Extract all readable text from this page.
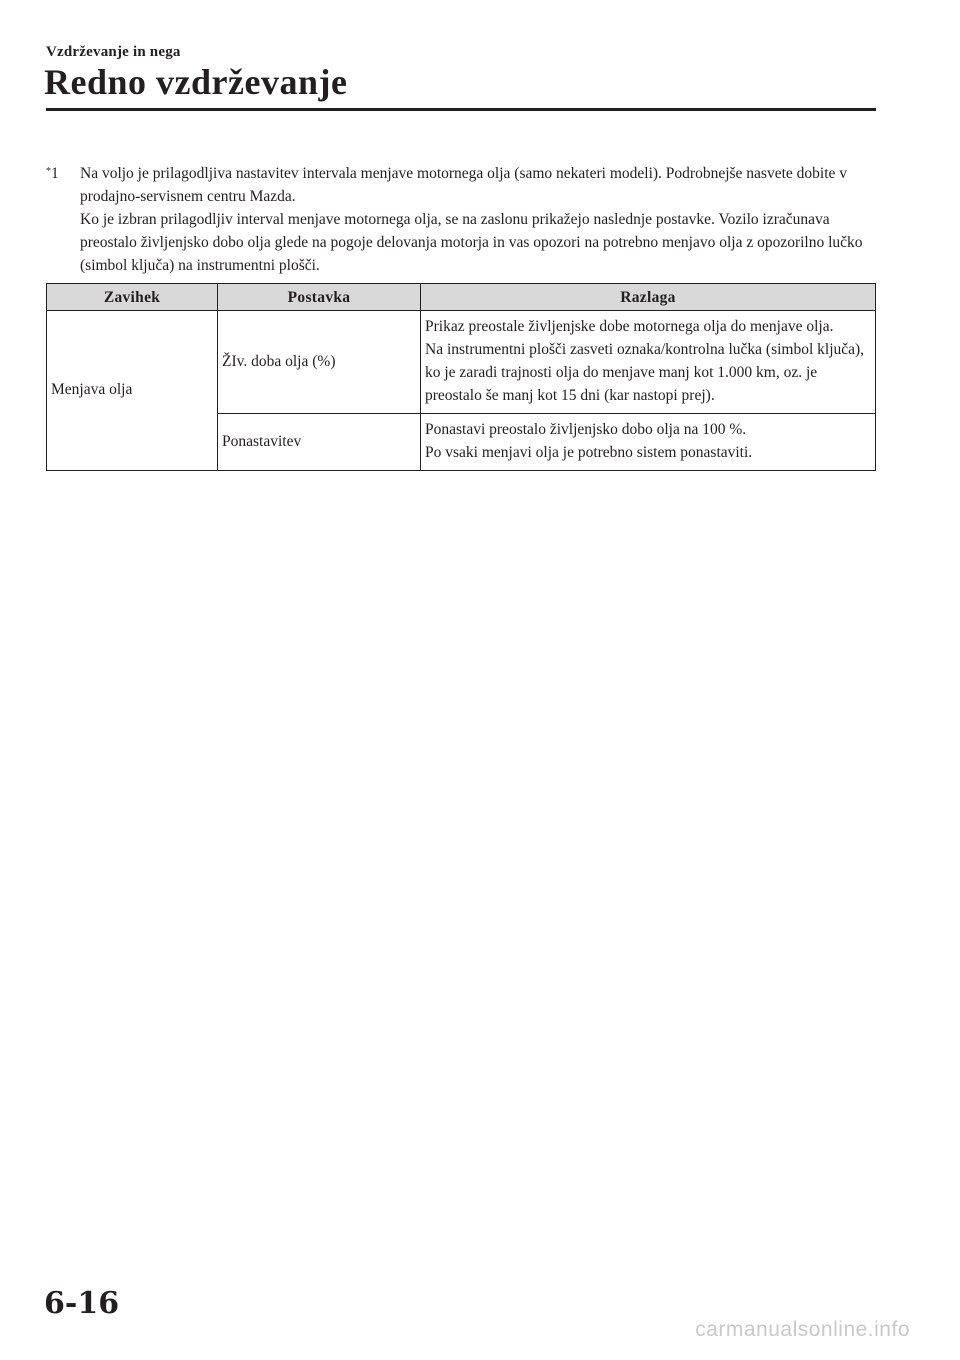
Vzdrževanje in nega
Redno vzdrževanje
*1 Na voljo je prilagodljiva nastavitev intervala menjave motornega olja (samo nekateri modeli). Podrobnejše nasvete dobite v prodajno-servisnem centru Mazda.

Ko je izbran prilagodljiv interval menjave motornega olja, se na zaslonu prikažejo naslednje postavke. Vozilo izračunava preostalo življenjsko dobo olja glede na pogoje delovanja motorja in vas opozori na potrebno menjavo olja z opozorilno lučko (simbol ključa) na instrumentni plošči.

Zavihek	Postavka	Razlaga
Menjava olja	ŽIv. doba olja (%)	Prikaz preostale življenjske dobe motornega olja do menjave olja.

Na instrumentni plošči zasveti oznaka/kontrolna lučka (simbol ključa), ko je zaradi trajnosti olja do menjave manj kot 1.000 km, oz. je preostalo še manj kot 15 dni (kar nastopi prej).

	Ponastavitev	Ponastavi preostalo življenjsko dobo olja na 100 %.

Po vsaki menjavi olja je potrebno sistem ponastaviti.

6-16
carmanualsonline.info
